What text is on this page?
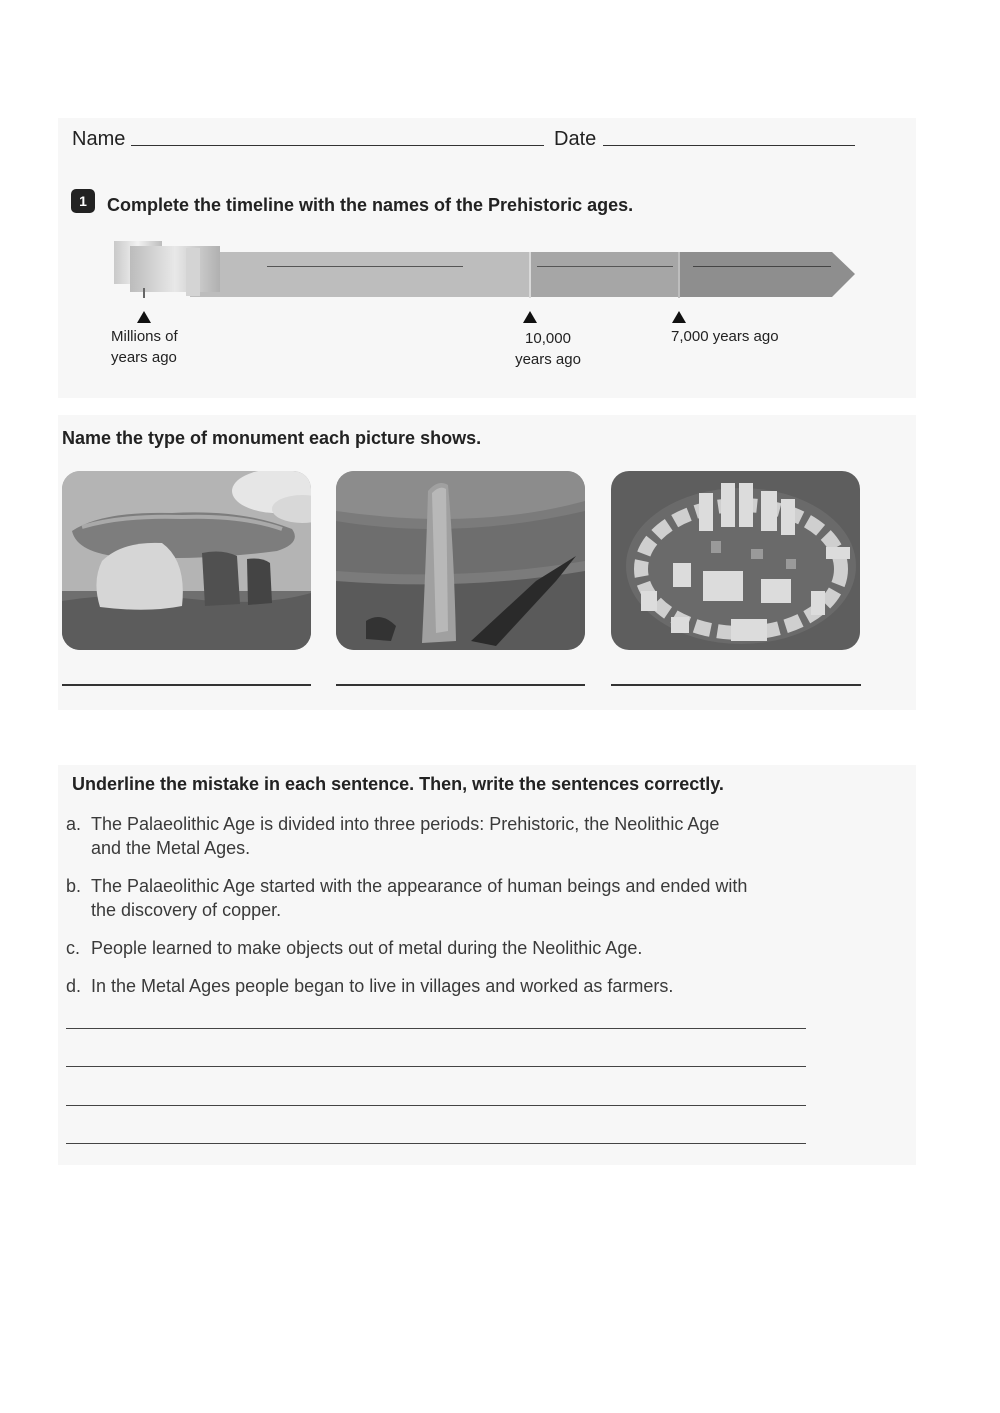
Name	Date
1	Complete the timeline with the names of the Prehistoric ages.
Millions of
years ago
10,000
years ago
7,000 years ago
Name the type of monument each picture shows.
Underline the mistake in each sentence. Then, write the sentences correctly.
a. The Palaeolithic Age is divided into three periods: Prehistoric, the Neolithic Age
and the Metal Ages.
b. The Palaeolithic Age started with the appearance of human beings and ended with
the discovery of copper.
c. People learned to make objects out of metal during the Neolithic Age.
d. In the Metal Ages people began to live in villages and worked as farmers.
